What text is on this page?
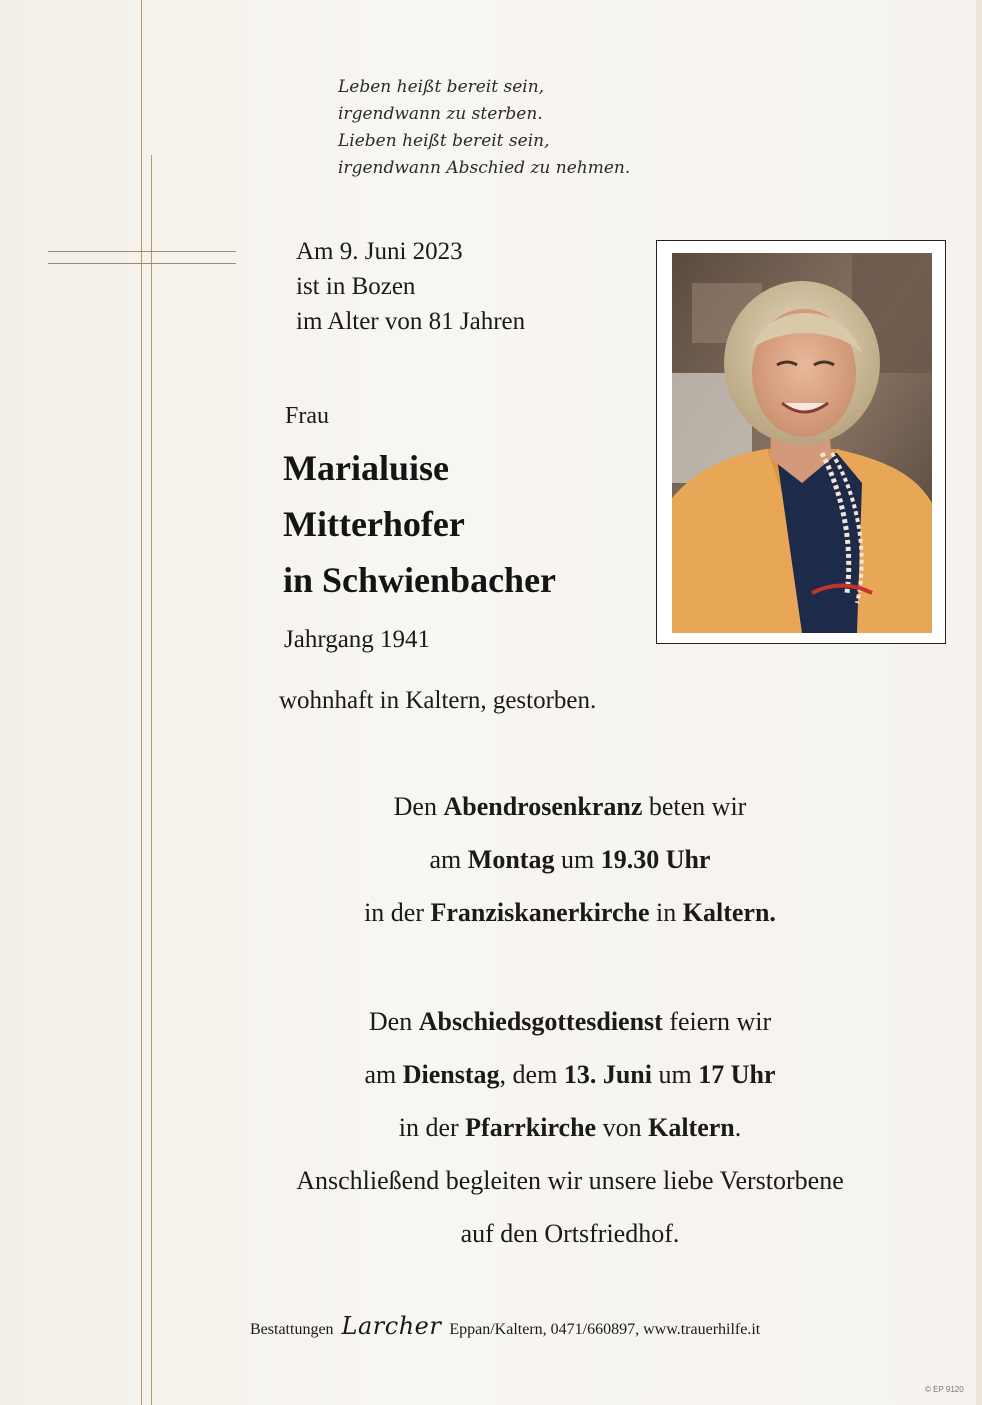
Leben heißt bereit sein,
irgendwann zu sterben.
Lieben heißt bereit sein,
irgendwann Abschied zu nehmen.
Am 9. Juni 2023
ist in Bozen
im Alter von 81 Jahren
Frau
Marialuise
Mitterhofer
in Schwienbacher
Jahrgang 1941
wohnhaft in Kaltern, gestorben.
Den Abendrosenkranz beten wir
am Montag um 19.30 Uhr
in der Franziskanerkirche in Kaltern.
Den Abschiedsgottesdienst feiern wir
am Dienstag, dem 13. Juni um 17 Uhr
in der Pfarrkirche von Kaltern.
Anschließend begleiten wir unsere liebe Verstorbene
auf den Ortsfriedhof.
Bestattungen Larcher Eppan/Kaltern, 0471/660897, www.trauerhilfe.it
© EP 9120
